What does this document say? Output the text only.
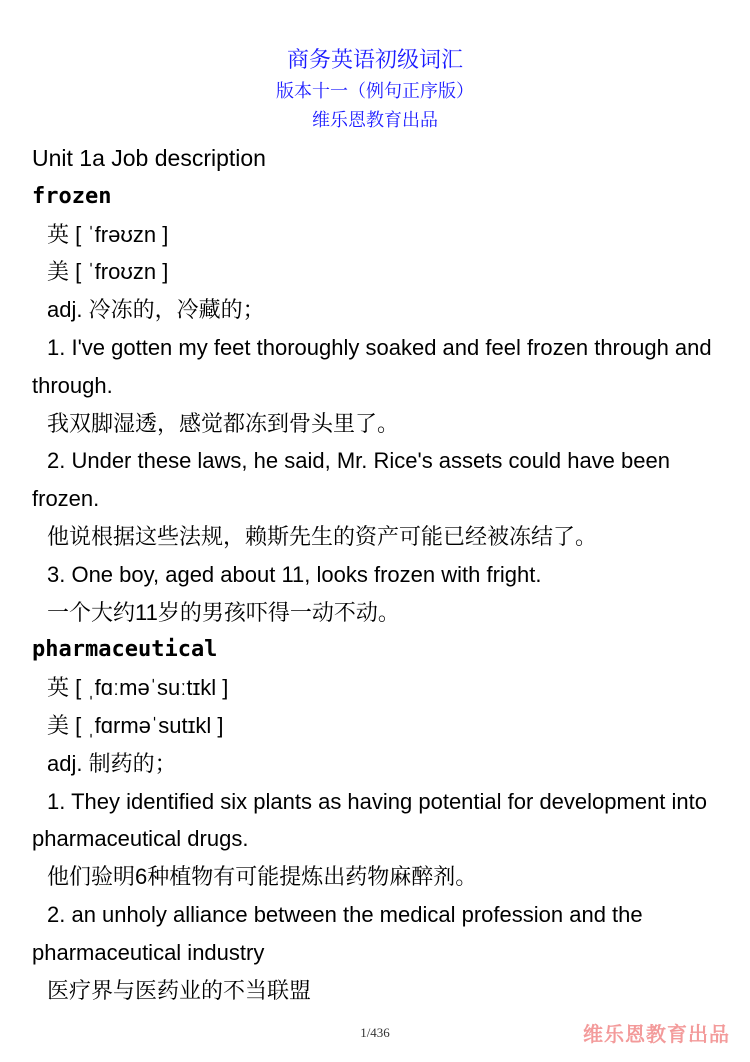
商务英语初级词汇
版本十一（例句正序版）
维乐恩教育出品
Unit 1a Job description
frozen
英 [ ˈfrəʊzn ]
美 [ ˈfroʊzn ]
adj. 冷冻的，冷藏的；
1. I've gotten my feet thoroughly soaked and feel frozen through and through.
我双脚湿透，感觉都冻到骨头里了。
2. Under these laws, he said, Mr. Rice's assets could have been frozen.
他说根据这些法规，赖斯先生的资产可能已经被冻结了。
3. One boy, aged about 11, looks frozen with fright.
一个大约11岁的男孩吓得一动不动。
pharmaceutical
英 [ ˌfɑːməˈsuːtɪkl ]
美 [ ˌfɑrməˈsutɪkl ]
adj. 制药的；
1. They identified six plants as having potential for development into pharmaceutical drugs.
他们验明6种植物有可能提炼出药物麻醉剂。
2. an unholy alliance between the medical profession and the pharmaceutical industry
医疗界与医药业的不当联盟
1/436	维乐恩教育出品
